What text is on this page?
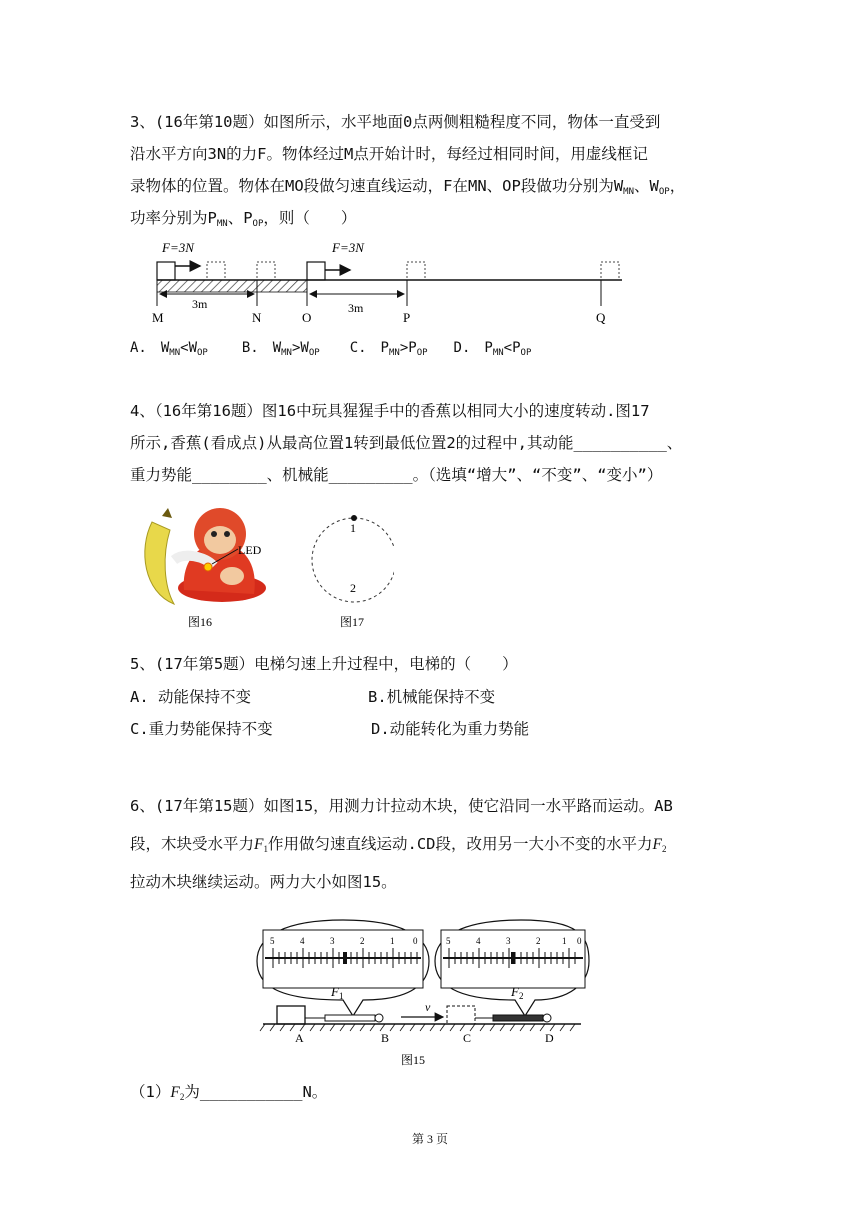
3、(16年第10题）如图所示，水平地面0点两侧粗糙程度不同，物体一直受到
沿水平方向3N的力F。物体经过M点开始计时，每经过相同时间，用虚线框记
录物体的位置。物体在MO段做匀速直线运动，F在MN、OP段做功分别为$W_{MN}$、$W_{OP}$，
功率分别为$P_{MN}$、$P_{OP}$，则（　　）
F=3N	F=3N
3m	3m
M	N	O	P	Q
A.　$W_{MN}<W_{OP}$ B.　$W_{MN}>W_{OP}$ C.　$P_{MN}>P_{OP}$ D.　$P_{MN}<P_{OP}$
4、（16年第16题）图16中玩具猩猩手中的香蕉以相同大小的速度转动.图17
所示,香蕉(看成点)从最高位置1转到最低位置2的过程中,其动能__________、
重力势能________、机械能_________。（选填“增大”、“不变”、“变小”）
LED
图16
1
2
图17
5、(17年第5题）电梯匀速上升过程中，电梯的（　　）
A. 动能保持不变	B.机械能保持不变
C.重力势能保持不变	D.动能转化为重力势能
6、(17年第15题）如图15，用测力计拉动木块，使它沿同一水平路而运动。AB
段，木块受水平力$F_1$作用做匀速直线运动.CD段，改用另一大小不变的水平力$F_2$
拉动木块继续运动。两力大小如图15。
5	4	3	2	1 0
$F_1$
5	4	3	2 1 0
$F_2$
v
A	B	C	D
图15
$(1)F_2$为___________N。
第 3 页
